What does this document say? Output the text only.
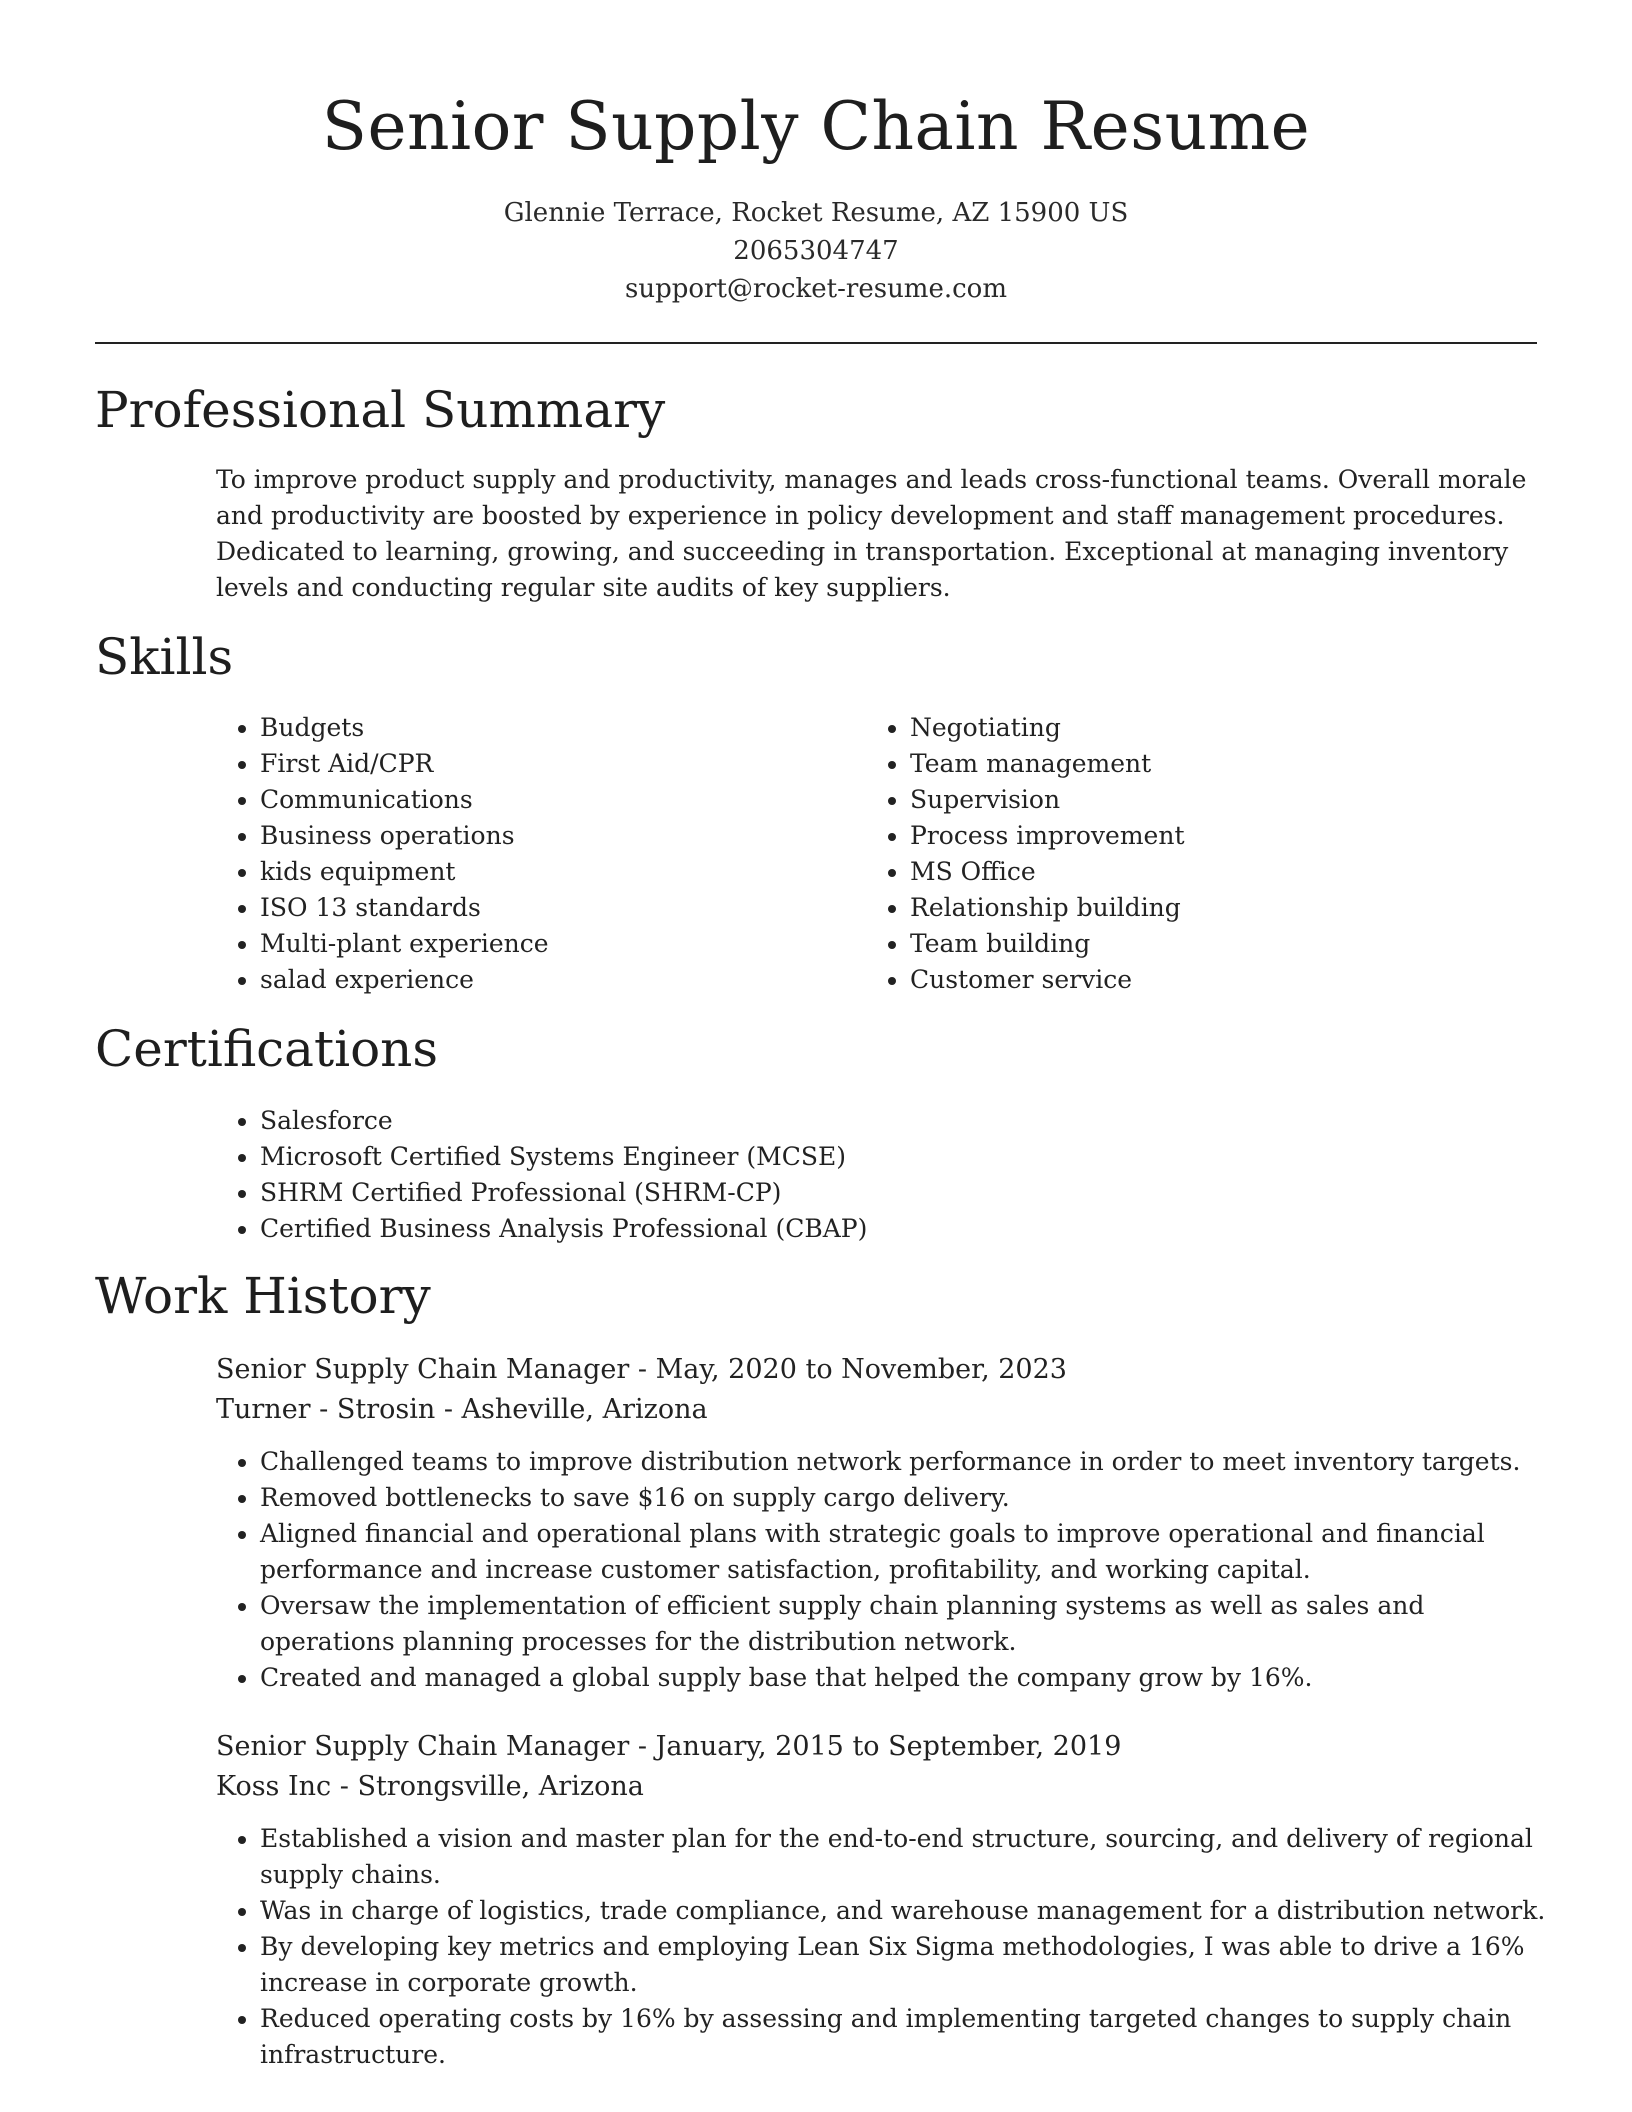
Senior Supply Chain Resume
Glennie Terrace, Rocket Resume, AZ 15900 US
2065304747
support@rocket-resume.com
Professional Summary

To improve product supply and productivity, manages and leads cross-functional teams. Overall morale and productivity are boosted by experience in policy development and staff management procedures. Dedicated to learning, growing, and succeeding in transportation. Exceptional at managing inventory levels and conducting regular site audits of key suppliers.

Skills
• Budgets
• First Aid/CPR
• Communications
• Business operations
• kids equipment
• ISO 13 standards
• Multi-plant experience
• salad experience
• Negotiating
• Team management
• Supervision
• Process improvement
• MS Office
• Relationship building
• Team building
• Customer service
Certifications
• Salesforce
• Microsoft Certified Systems Engineer (MCSE)
• SHRM Certified Professional (SHRM-CP)
• Certified Business Analysis Professional (CBAP)
Work History
Senior Supply Chain Manager - May, 2020 to November, 2023
Turner - Strosin - Asheville, Arizona
• Challenged teams to improve distribution network performance in order to meet inventory targets.
• Removed bottlenecks to save $16 on supply cargo delivery.
• Aligned financial and operational plans with strategic goals to improve operational and financial performance and increase customer satisfaction, profitability, and working capital.
• Oversaw the implementation of efficient supply chain planning systems as well as sales and operations planning processes for the distribution network.
• Created and managed a global supply base that helped the company grow by 16%.
Senior Supply Chain Manager - January, 2015 to September, 2019
Koss Inc - Strongsville, Arizona
• Established a vision and master plan for the end-to-end structure, sourcing, and delivery of regional supply chains.
• Was in charge of logistics, trade compliance, and warehouse management for a distribution network.
• By developing key metrics and employing Lean Six Sigma methodologies, I was able to drive a 16% increase in corporate growth.
• Reduced operating costs by 16% by assessing and implementing targeted changes to supply chain infrastructure.
